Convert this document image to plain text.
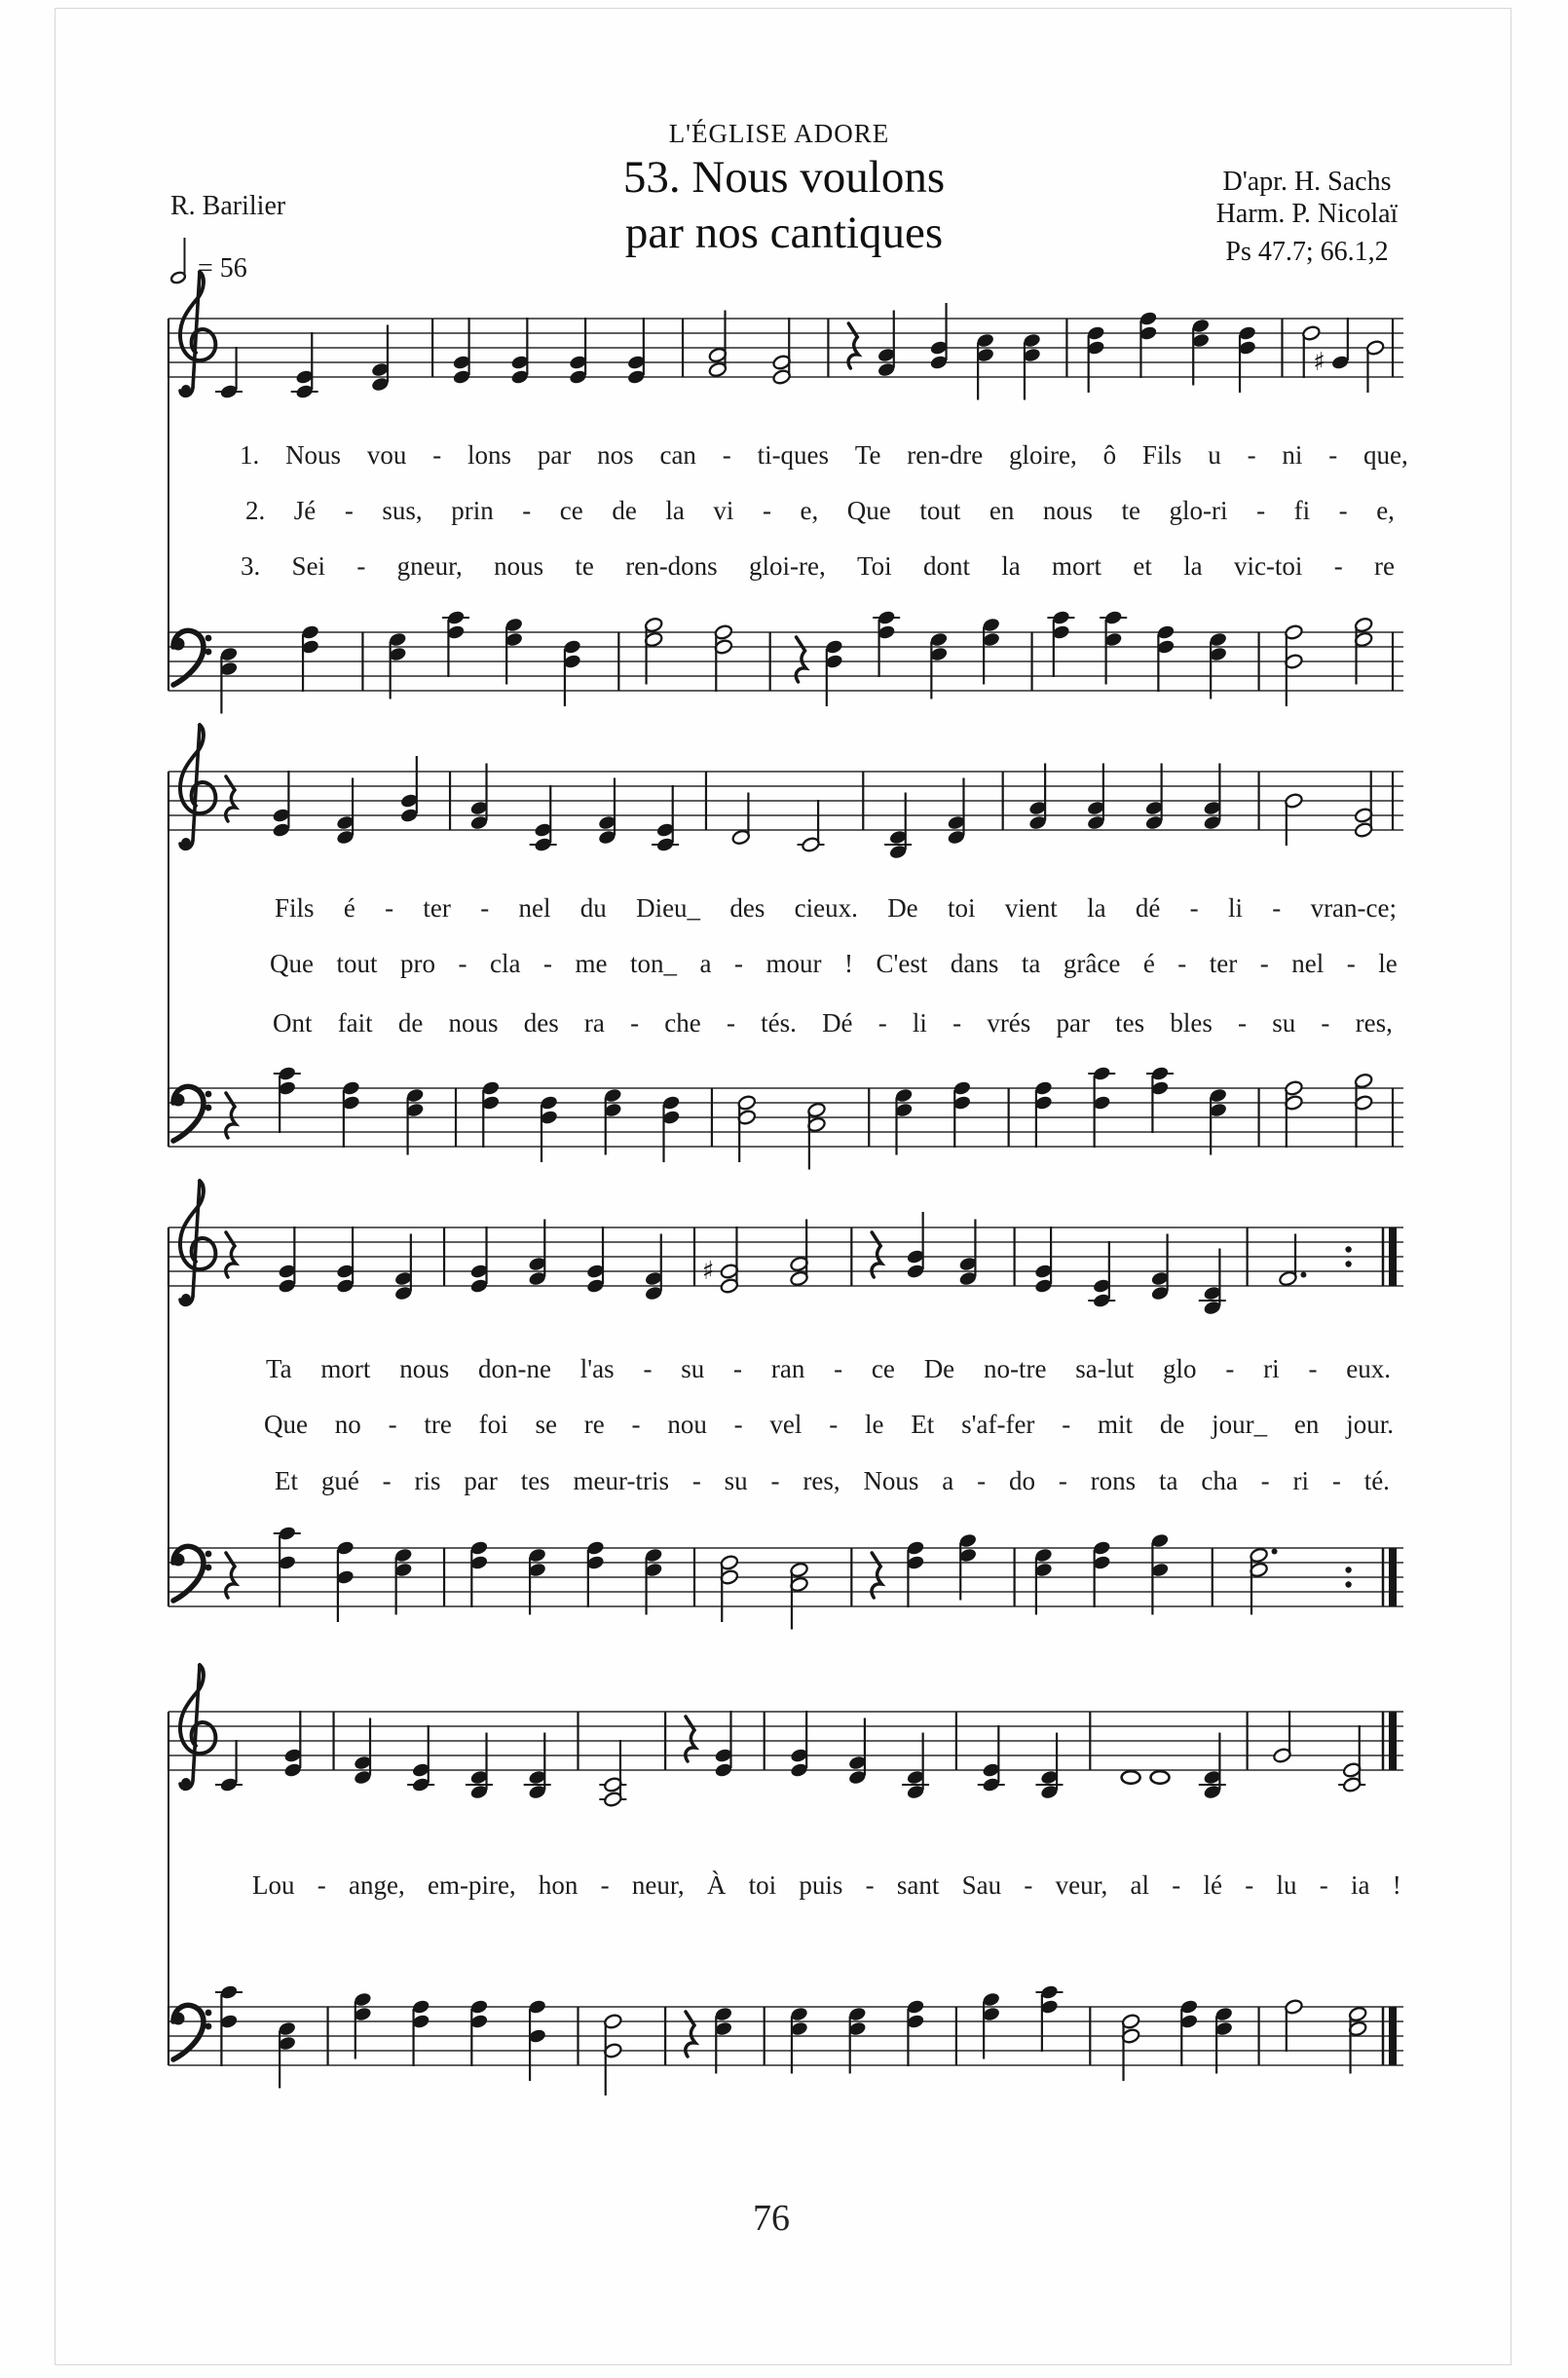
L'ÉGLISE ADORE
53. Nous voulons
par nos cantiques
R. Barilier
= 56
D'apr. H. Sachs
Harm. P. Nicolaï
Ps 47.7; 66.1,2
♯
♯
1. Nous vou - lons par nos can - ti-ques Te ren-dre gloire, ô Fils u - ni - que,
2. Jé - sus, prin - ce de la vi - e, Que tout en nous te glo-ri - fi - e,
3. Sei - gneur, nous te ren-dons gloi-re, Toi dont la mort et la vic-toi - re
Fils é - ter - nel du Dieu_ des cieux. De toi vient la dé - li - vran-ce;
Que tout pro - cla - me ton_ a - mour ! C'est dans ta grâce é - ter - nel - le
Ont fait de nous des ra - che - tés. Dé - li - vrés par tes bles - su - res,
Ta mort nous don-ne l'as - su - ran - ce De no-tre sa-lut glo - ri - eux.
Que no - tre foi se re - nou - vel - le Et s'af-fer - mit de jour_ en jour.
Et gué - ris par tes meur-tris - su - res, Nous a - do - rons ta cha - ri - té.
Lou - ange, em-pire, hon - neur, À toi puis - sant Sau - veur, al - lé - lu - ia !
76
